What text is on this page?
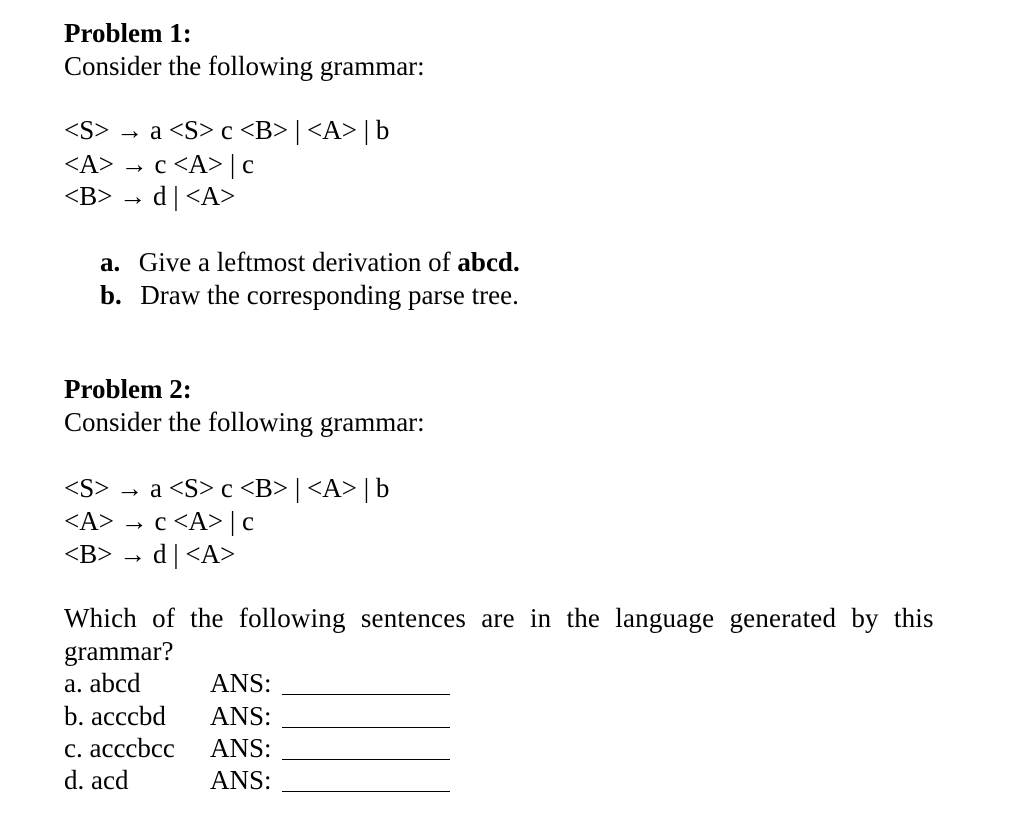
Problem 1:
Consider the following grammar:
<S> → a <S> c <B> | <A> | b
<A> → c <A> | c
<B> → d | <A>
a. Give a leftmost derivation of abcd.
b. Draw the corresponding parse tree.
Problem 2:
Consider the following grammar:
<S> → a <S> c <B> | <A> | b
<A> → c <A> | c
<B> → d | <A>
Which of the following sentences are in the language generated by this
grammar?
a. abcd	ANS:
b. acccbd ANS:
c. acccbcc ANS:
d. acd	ANS:
